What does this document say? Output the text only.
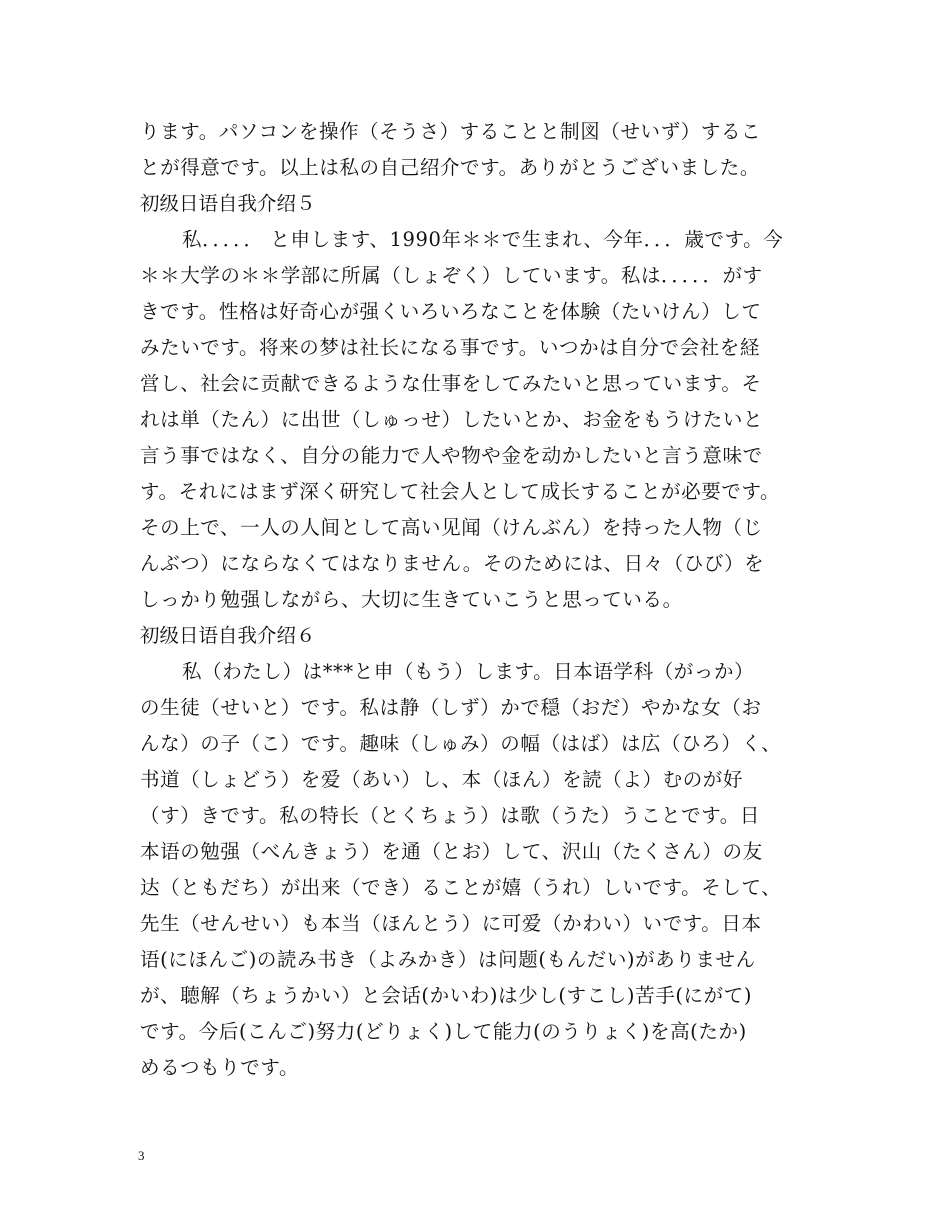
ります。パソコンを操作（そうさ）することと制図（せいず）するこ
とが得意です。以上は私の自己绍介です。ありがとうございました。
初级日语自我介绍５
私．．．．． と申します、1990年＊＊で生まれ、今年．．．歳です。今
＊＊大学の＊＊学部に所属（しょぞく）しています。私は．．．．．がす
きです。性格は好奇心が强くいろいろなことを体験（たいけん）して
みたいです。将来の梦は社长になる事です。いつかは自分で会社を経
営し、社会に贡献できるような仕事をしてみたいと思っています。そ
れは単（たん）に出世（しゅっせ）したいとか、お金をもうけたいと
言う事ではなく、自分の能力で人や物や金を动かしたいと言う意味で
す。それにはまず深く研究して社会人として成长することが必要です。
その上で、一人の人间として高い见闻（けんぶん）を持った人物（じ
んぶつ）にならなくてはなりません。そのためには、日々（ひび）を
しっかり勉强しながら、大切に生きていこうと思っている。
初级日语自我介绍６
私（わたし）は***と申（もう）します。日本语学科（がっか）
の生徒（せいと）です。私は静（しず）かで穏（おだ）やかな女（お
んな）の子（こ）です。趣味（しゅみ）の幅（はば）は広（ひろ）く、
书道（しょどう）を爱（あい）し、本（ほん）を読（よ）むのが好
（す）きです。私の特长（とくちょう）は歌（うた）うことです。日
本语の勉强（べんきょう）を通（とお）して、沢山（たくさん）の友
达（ともだち）が出来（でき）ることが嬉（うれ）しいです。そして、
先生（せんせい）も本当（ほんとう）に可爱（かわい）いです。日本
语(にほんご)の読み书き（よみかき）は问题(もんだい)がありません
が、聴解（ちょうかい）と会话(かいわ)は少し(すこし)苦手(にがて)
です。今后(こんご)努力(どりょく)して能力(のうりょく)を高(たか)
めるつもりです。
3
